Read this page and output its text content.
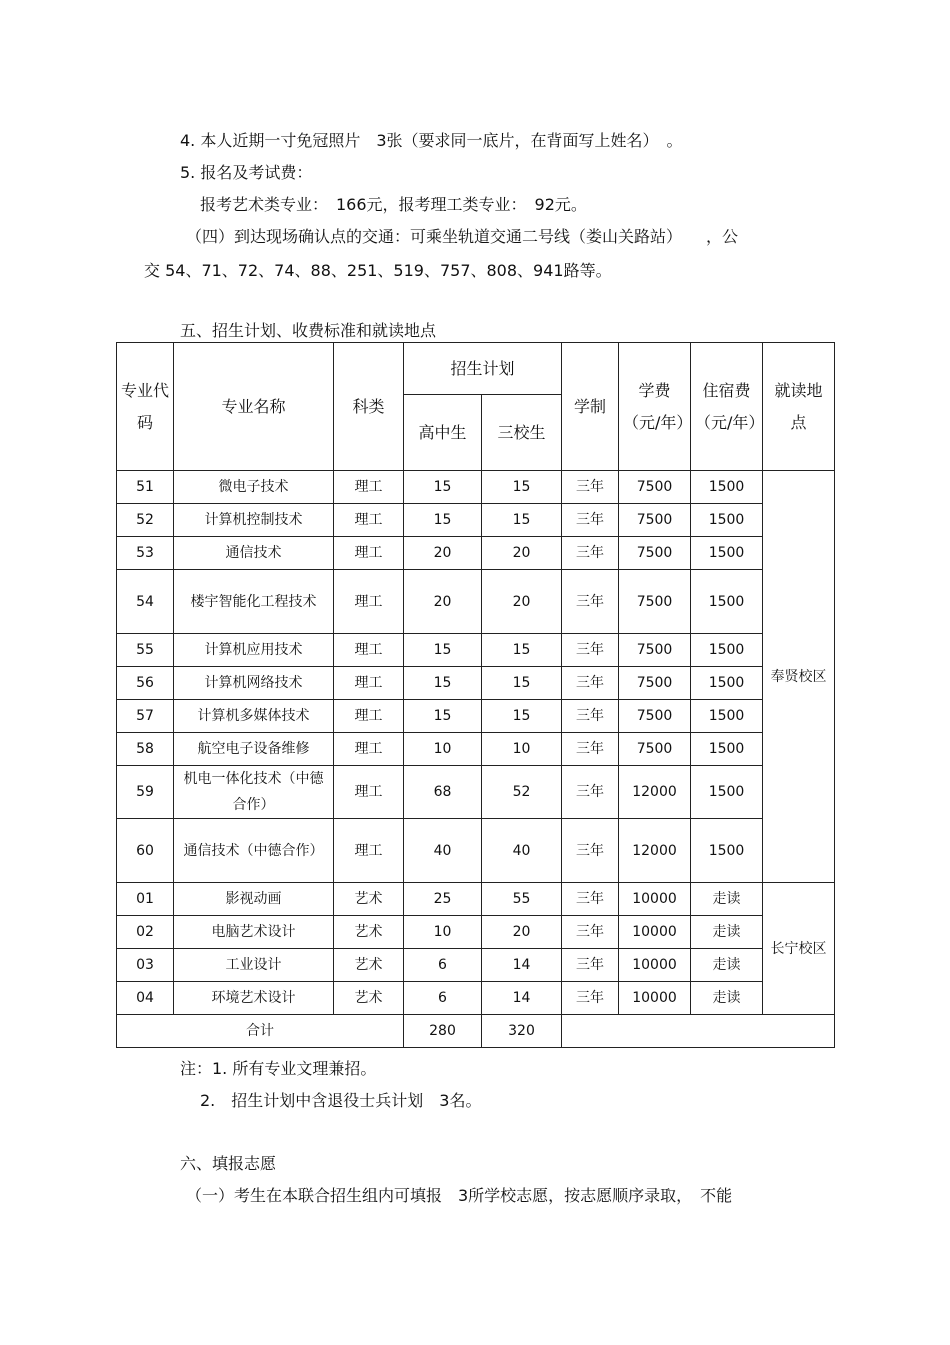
4. 本人近期一寸免冠照片　3张（要求同一底片，在背面写上姓名）　。
5. 报名及考试费：
报考艺术类专业：　166元，报考理工类专业：　92元。
（四）到达现场确认点的交通：可乘坐轨道交通二号线（娄山关路站）　　，公
交 54、71、72、74、88、251、519、757、808、941路等。
五、招生计划、收费标准和就读地点
专业代码	专业名称	科类	招生计划		学制	学费（元/年）	住宿费（元/年）	就读地点
			高中生	三校生				
51	微电子技术	理工	15	15	三年	7500	1500	奉贤校区
52	计算机控制技术	理工	15	15	三年	7500	1500	
53	通信技术	理工	20	20	三年	7500	1500	
54	楼宇智能化工程技术	理工	20	20	三年	7500	1500	
55	计算机应用技术	理工	15	15	三年	7500	1500	
56	计算机网络技术	理工	15	15	三年	7500	1500	
57	计算机多媒体技术	理工	15	15	三年	7500	1500	
58	航空电子设备维修	理工	10	10	三年	7500	1500	
59	机电一体化技术（中德合作）	理工	68	52	三年	12000	1500	
60	通信技术（中德合作）	理工	40	40	三年	12000	1500	
01	影视动画	艺术	25	55	三年	10000	走读	长宁校区
02	电脑艺术设计	艺术	10	20	三年	10000	走读	
03	工业设计	艺术	6	14	三年	10000	走读	
04	环境艺术设计	艺术	6	14	三年	10000	走读	
合计			280	320				
注：1. 所有专业文理兼招。
2.　招生计划中含退役士兵计划　3名。
六、填报志愿
（一）考生在本联合招生组内可填报　3所学校志愿，按志愿顺序录取，　不能
